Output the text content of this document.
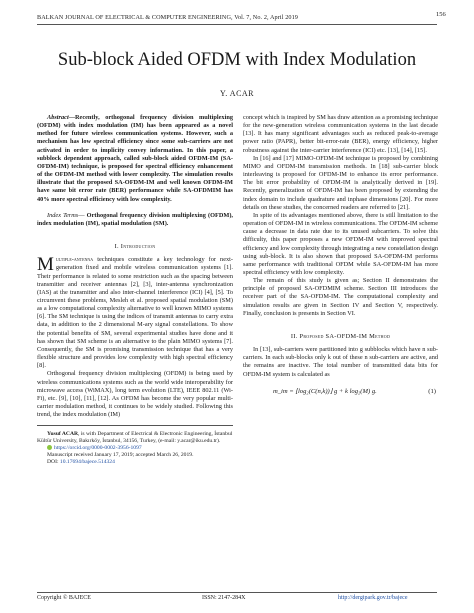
BALKAN JOURNAL OF ELECTRICAL & COMPUTER ENGINEERING, Vol. 7, No. 2, April 2019	156
Sub-block Aided OFDM with Index Modulation
Y. ACAR

Abstract—Recently, orthogonal frequency division multiplexing (OFDM) with index modulation (IM) has been appeared as a novel method for future wireless communication systems. However, such a mechanism has low spectral efficiency since some sub-carriers are not activated in order to implicity convey information. In this paper, a subblock dependent approach, called sub-block aided OFDM-IM (SA-OFDM-IM) technique, is proposed for spectral efficiency enhancement of the OFDM-IM method with lower complexity. The simulation results illustrate that the proposed SA-OFDM-IM and well known OFDM-IM have same bit error rate (BER) performance while SA-OFDMIM has 40% more spectral efficiency with low complexity.

Index Terms— Orthogonal frequency division multiplexing (OFDM), index modulation (IM), spatial modulation (SM).

I. Introduction

Multiple-antenna techniques constitute a key technology for next-generation fixed and mobile wireless communication systems [1]. Their performance is related to some restriction such as the spacing between transmitter and receiver antennas [2], [3], inter-antenna synchronization (IAS) at the transmitter and also inter-channel interference (ICI) [4], [5]. To circumvent these problems, Mesleh et al. proposed spatial modulation (SM) as a low computational complexity alternative to well known MIMO systems [6]. The SM technique is using the indices of transmit antennas to carry extra data, in addition to the 2 dimensional M-ary signal constellations. To show the potential benefits of SM, several experimental studies have done and it has shown that SM scheme is an alternative to the plain MIMO systems [7]. Consequently, the SM is promising transmission technique that has a very flexible structure and provides low complexity with high spectral efficiency [8].

Orthogonal frequency division multiplexing (OFDM) is being used by wireless communications systems such as the world wide interoperability for microwave access (WiMAX), long term evolution (LTE), IEEE 802.11 (Wi-Fi), etc. [9], [10], [11], [12]. As OFDM has become the very popular multi-carrier modulation method, it continues to be widely studied. Following this trend, the index modulation (IM)

Yusuf ACAR, is with Department of Electrical & Electronic Engineering, İstanbul Kültür University, Bakırköy, İstanbul, 34156, Turkey, (e-mail: y.acar@iku.edu.tr).

https://orcid.org/0000-0002-3956-1097

Manuscript received January 17, 2019; accepted March 26, 2019.

DOI: 10.17694/bajece.514324

concept which is inspired by SM has draw attention as a promising technique for the new-generation wireless communication systems in the last decade [13]. It has many significant advantages such as reduced peak-to-average power ratio (PAPR), better bit-error-rate (BER), energy efficiency, higher robustness against the inter-carrier interference (ICI) etc. [13], [14], [15].

In [16] and [17] MIMO-OFDM-IM technique is proposed by combining MIMO and OFDM-IM transmission methods. In [18] sub-carrier block interleaving is proposed for OFDM-IM to enhance its error performance. The bit error probability of OFDM-IM is analytically derived in [19]. Recently, generalization of OFDM-IM has been proposed by extending the index domain to include quadrature and inphase dimensions [20]. For more details on these studies, the concerned readers are referred to [21].

In spite of its advantages mentioned above, there is still limitation to the operation of OFDM-IM in wireless communications. The OFDM-IM scheme cause a decrease in data rate due to its unused subcarriers. To solve this difficulty, this paper proposes a new OFDM-IM with improved spectral efficiency and low complexity through integrating a new constellation design using sub-block. It is also shown that proposed SA-OFDM-IM performs same performance with traditional OFDM while SA-OFDM-IM has more spectral efficiency with low complexity.

The remain of this study is given as; Section II demonstrates the principle of proposed SA-OFDMIM scheme. Section III introduces the receiver part of the SA-OFDM-IM. The computational complexity and simulation results are given in Section IV and Section V, respectively. Finally, conclusion is presents in Section VI.

II. Proposed SA-OFDM-IM Method

In [13], sub-carriers were partitioned into g subblocks which have n sub-carriers. In each sub-blocks only k out of these n sub-carriers are active, and the remains are inactive. The total number of transmitted data bits for OFDM-IM system is calculated as

m_im = ⌊log₂(C(n,k))⌋ g + k log₂(M) g.	(1)
Copyright © BAJECE	ISSN: 2147-284X	http://dergipark.gov.tr/bajece
